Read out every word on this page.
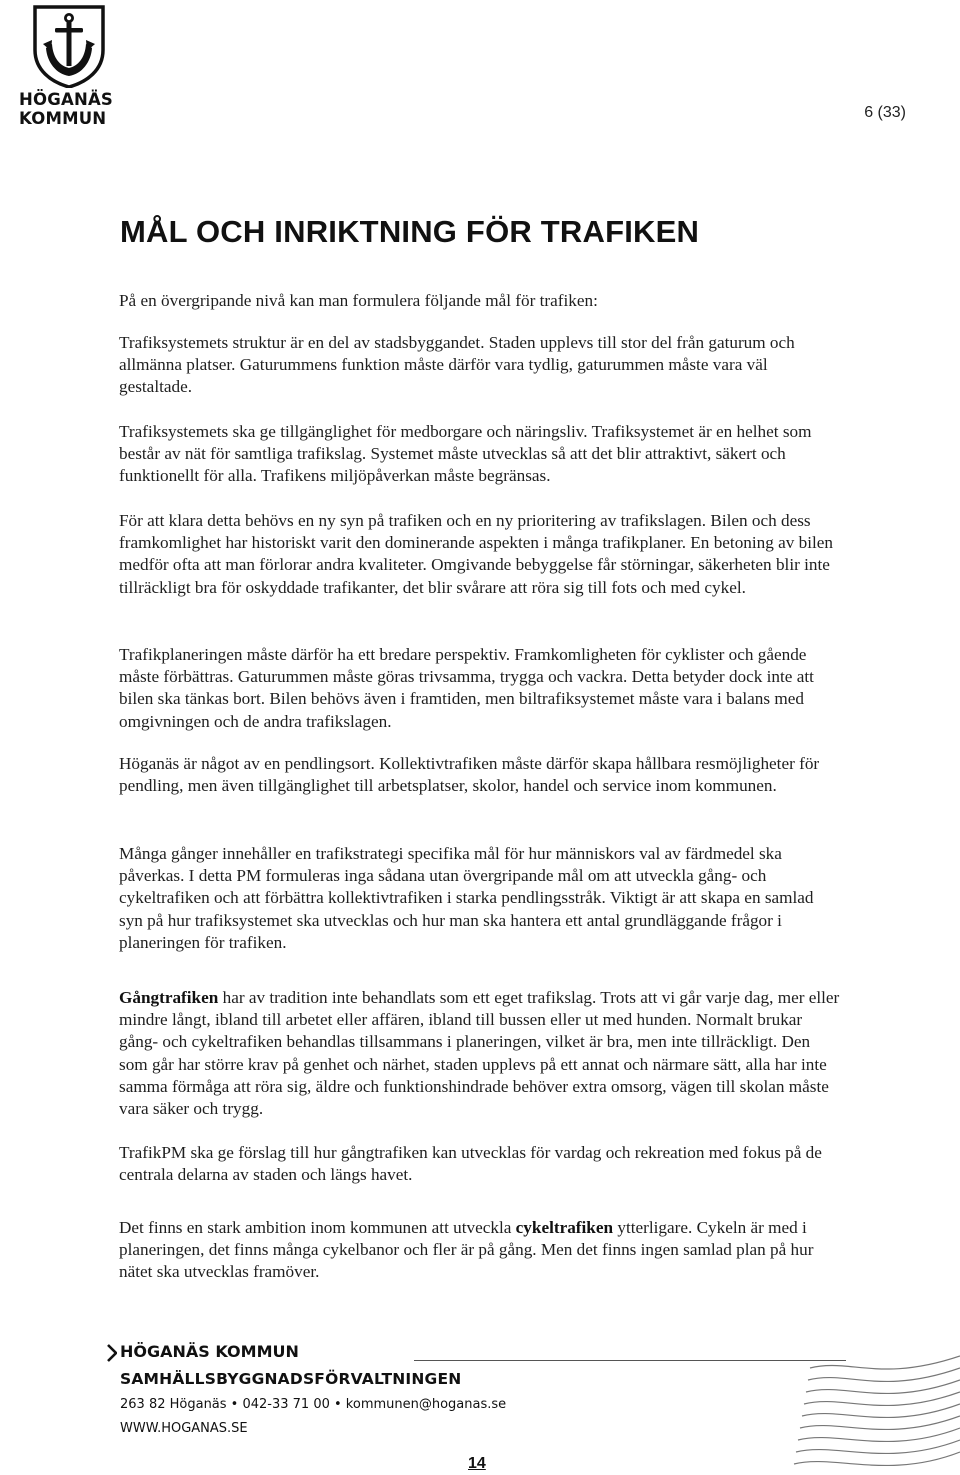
HÖGANÄS
KOMMUN	6 (33)
MÅL OCH INRIKTNING FÖR TRAFIKEN

På en övergripande nivå kan man formulera följande mål för trafiken:

Trafiksystemets struktur är en del av stadsbyggandet. Staden upplevs till stor del från gaturum och allmänna platser. Gaturummens funktion måste därför vara tydlig, gaturummen måste vara väl gestaltade.

Trafiksystemets ska ge tillgänglighet för medborgare och näringsliv. Trafiksystemet är en helhet som består av nät för samtliga trafikslag. Systemet måste utvecklas så att det blir attraktivt, säkert och funktionellt för alla. Trafikens miljöpåverkan måste begränsas.

För att klara detta behövs en ny syn på trafiken och en ny prioritering av trafikslagen. Bilen och dess framkomlighet har historiskt varit den dominerande aspekten i många trafikplaner. En betoning av bilen medför ofta att man förlorar andra kvaliteter. Omgivande bebyggelse får störningar, säkerheten blir inte tillräckligt bra för oskyddade trafikanter, det blir svårare att röra sig till fots och med cykel.

Trafikplaneringen måste därför ha ett bredare perspektiv. Framkomligheten för cyklister och gående måste förbättras. Gaturummen måste göras trivsamma, trygga och vackra. Detta betyder dock inte att bilen ska tänkas bort. Bilen behövs även i framtiden, men biltrafiksystemet måste vara i balans med omgivningen och de andra trafikslagen.

Höganäs är något av en pendlingsort. Kollektivtrafiken måste därför skapa hållbara resmöjligheter för pendling, men även tillgänglighet till arbetsplatser, skolor, handel och service inom kommunen.

Många gånger innehåller en trafikstrategi specifika mål för hur människors val av färdmedel ska påverkas. I detta PM formuleras inga sådana utan övergripande mål om att utveckla gång- och cykeltrafiken och att förbättra kollektivtrafiken i starka pendlingsstråk. Viktigt är att skapa en samlad syn på hur trafiksystemet ska utvecklas och hur man ska hantera ett antal grundläggande frågor i planeringen för trafiken.

Gångtrafiken har av tradition inte behandlats som ett eget trafikslag. Trots att vi går varje dag, mer eller mindre långt, ibland till arbetet eller affären, ibland till bussen eller ut med hunden. Normalt brukar gång- och cykeltrafiken behandlas tillsammans i planeringen, vilket är bra, men inte tillräckligt. Den som går har större krav på genhet och närhet, staden upplevs på ett annat och närmare sätt, alla har inte samma förmåga att röra sig, äldre och funktionshindrade behöver extra omsorg, vägen till skolan måste vara säker och trygg.

TrafikPM ska ge förslag till hur gångtrafiken kan utvecklas för vardag och rekreation med fokus på de centrala delarna av staden och längs havet.

Det finns en stark ambition inom kommunen att utveckla cykeltrafiken ytterligare. Cykeln är med i planeringen, det finns många cykelbanor och fler är på gång. Men det finns ingen samlad plan på hur nätet ska utvecklas framöver.

HÖGANÄS KOMMUN
SAMHÄLLSBYGGNADSFÖRVALTNINGEN
263 82 Höganäs • 042-33 71 00 • kommunen@hoganas.se
WWW.HOGANAS.SE
14
